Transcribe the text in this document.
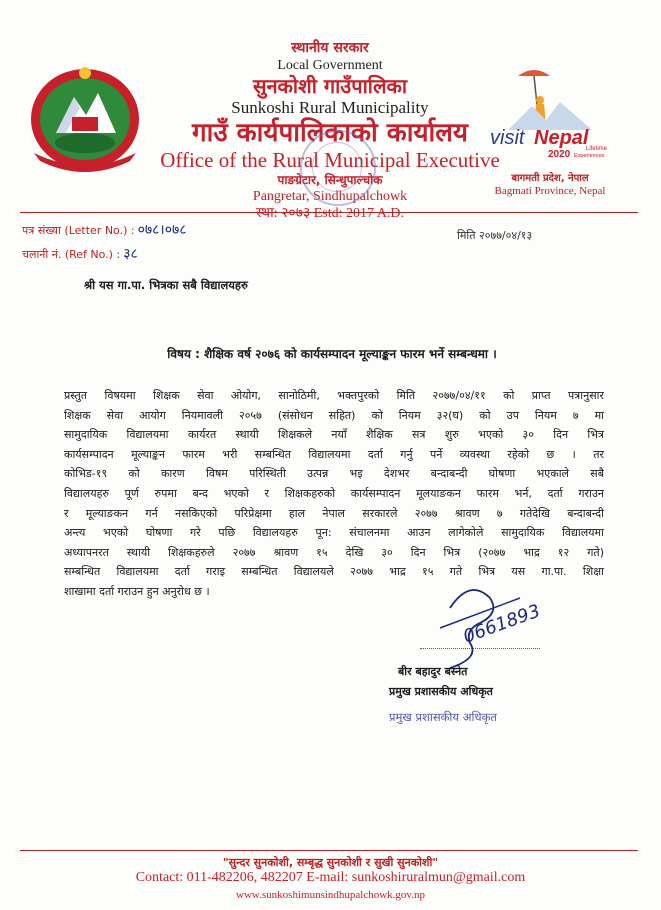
स्थानीय सरकार
Local Government
सुनकोशी गाउँपालिका
Sunkoshi Rural Municipality
गाउँ कार्यपालिकाको कार्यालय
Office of the Rural Municipal Executive
पाङग्रेटार, सिन्धुपाल्चोक
Pangretar, Sindhupalchowk
स्था: २०७३ Estd: 2017 A.D.
visit Nepal
2020	Lifetime
Experiences
बागमती प्रदेश, नेपाल
Bagmati Province, Nepal
पत्र संख्या (Letter No.) : ०७८।०७८
चलानी नं. (Ref No.) : ३८
मिति २०७७/०४/१३
श्री यस गा.पा. भित्रका सबै विद्यालयहरु
विषय : शैक्षिक वर्ष २०७६ को कार्यसम्पादन मूल्याङ्कन फारम भर्ने सम्बन्धमा ।
प्रस्तुत विषयमा शिक्षक सेवा ओयोग, सानोठिमी, भक्तपुरको मिति २०७७/०४/११ को प्राप्त पत्रानुसार
शिक्षक सेवा आयोग नियमावली २०५७ (संसोधन सहित) को नियम ३२(घ) को उप नियम ७ मा
सामुदायिक विद्यालयमा कार्यरत स्थायी शिक्षकले नयाँ शैक्षिक सत्र शुरु भएको ३० दिन भित्र
कार्यसम्पादन मूल्याङ्कन फारम भरी सम्बन्धित विद्यालयमा दर्ता गर्नु पर्ने व्यवस्था रहेको छ । तर
कोभिड-१९ को कारण विषम परिस्थिती उत्पन्न भइ देशभर बन्दाबन्दी घोषणा भएकाले सबै
विद्यालयहरु पूर्ण रुपमा बन्द भएको र शिक्षकहरुको कार्यसम्पादन मूलयाङकन फारम भर्न, दर्ता गराउन
र मूल्याङकन गर्न नसकिएको परिप्रेक्षमा हाल नेपाल सरकारले २०७७ श्रावण ७ गतेदेखि बन्दाबन्दी
अन्त्य भएको घोषणा गरे पछि विद्यालयहरु पून: संचालनमा आउन लागेकोले सामुदायिक विद्यालयमा
अध्यापनरत स्थायी शिक्षकहरुले २०७७ श्रावण १५ देखि ३० दिन भित्र (२०७७ भाद्र १२ गते)
सम्बन्धित विद्यालयमा दर्ता गराइ सम्बन्धित विद्यालयले २०७७ भाद्र १५ गते भित्र यस गा.पा. शिक्षा
शाखामा दर्ता गराउन हुन अनुरोध छ ।
0661893
बीर बहादुर बस्नेत
प्रमुख प्रशासकीय अधिकृत
प्रमुख प्रशासकीय अधिकृत
"सुन्दर सुनकोशी, सम्बृद्ध सुनकोशी र सुखी सुनकोशी"
Contact: 011-482206, 482207 E-mail: sunkoshiruralmun@gmail.com
www.sunkoshimunsindhupalchowk.gov.np
